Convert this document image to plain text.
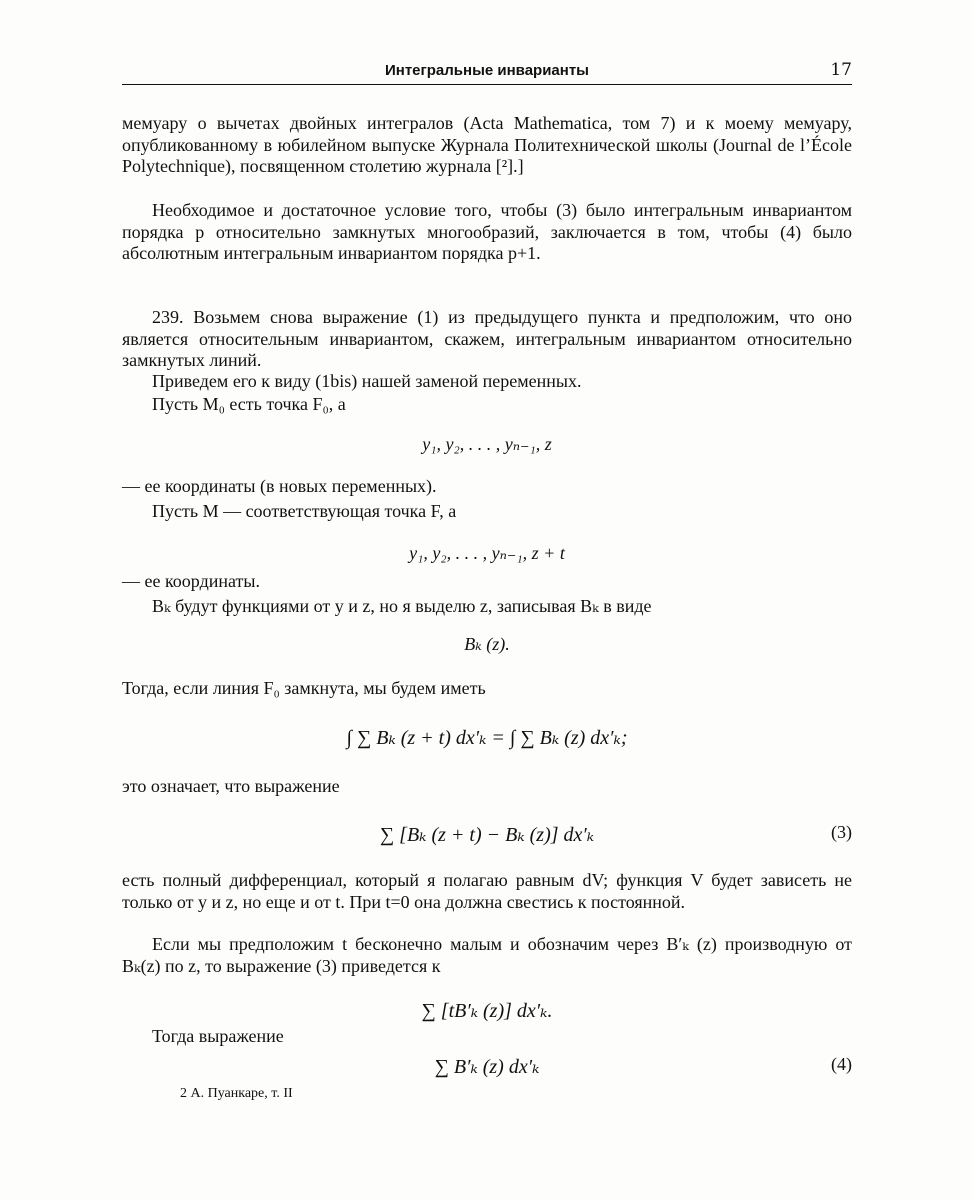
Интегральные инварианты	17

мемуару о вычетах двойных интегралов (Acta Mathematica, том 7) и к моему мемуару, опубликованному в юбилейном выпуске Журнала Политехнической школы (Journal de l’École Polytechnique), посвященном столетию журнала [²].]

Необходимое и достаточное условие того, чтобы (3) было интегральным инвариантом порядка p относительно замкнутых многообразий, заключается в том, чтобы (4) было абсолютным интегральным инвариантом порядка p+1.

239. Возьмем снова выражение (1) из предыдущего пункта и предположим, что оно является относительным инвариантом, скажем, интегральным инвариантом относительно замкнутых линий.

Приведем его к виду (1bis) нашей заменой переменных.
Пусть M₀ есть точка F₀, а
y₁, y₂, . . . , yₙ₋₁, z
— ее координаты (в новых переменных).
Пусть M — соответствующая точка F, а
y₁, y₂, . . . , yₙ₋₁, z + t
— ее координаты.
Bₖ будут функциями от y и z, но я выделю z, записывая Bₖ в виде
Bₖ (z).
Тогда, если линия F₀ замкнута, мы будем иметь
∫ ∑ Bₖ (z + t) dx′ₖ = ∫ ∑ Bₖ (z) dx′ₖ;
это означает, что выражение
∑ [Bₖ (z + t) − Bₖ (z)] dx′ₖ	(3)

есть полный дифференциал, который я полагаю равным dV; функция V будет зависеть не только от y и z, но еще и от t. При t=0 она должна свестись к постоянной.

Если мы предположим t бесконечно малым и обозначим через B′ₖ (z) производную от Bₖ(z) по z, то выражение (3) приведется к

∑ [tB′ₖ (z)] dx′ₖ.
Тогда выражение
∑ B′ₖ (z) dx′ₖ	(4)
2 А. Пуанкаре, т. II
